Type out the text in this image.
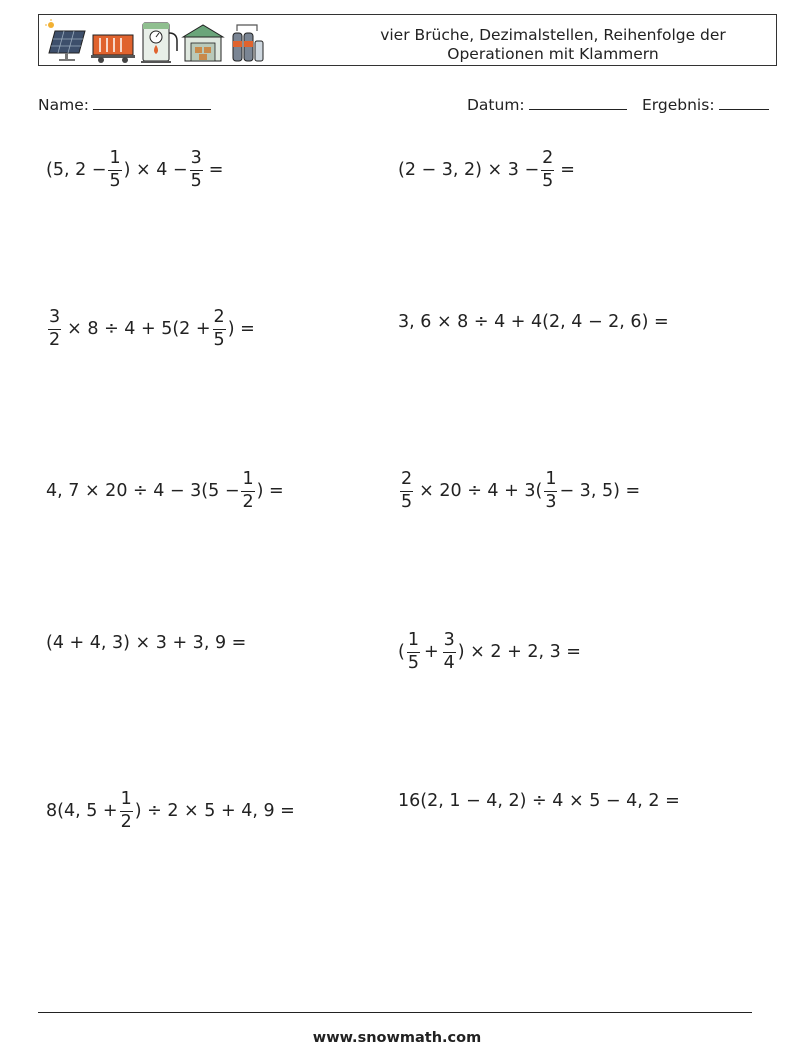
vier Brüche, Dezimalstellen, Reihenfolge der
Operationen mit Klammern
Name:	Datum:	Ergebnis:
(5, $2 - \frac{1}{5}$ ) × $4 - \frac{3}{5}$ =	(2 − 3, $2) \times 3 - \frac{2}{5}$ =
$\frac{3}{2} \times 8 \div 4 + 5(2 + \frac{2}{5}$ ) =	3, 6 × 8 ÷ 4 + 4(2, 4 − 2, 6) =
4, $7 \times 20 \div 4 - 3(5 - \frac{1}{2}$ ) =	$\frac{2}{5} \times 20 \div 4 + 3( \frac{1}{3} - 3$, 5) =
(4 + 4, 3) × 3 + 3, 9 =	( $\frac{1}{5} + \frac{3}{4}$ ) × 2 + 2, 3 =
8(4, $5 + \frac{1}{2}$ ) ÷ 2 × 5 + 4, 9 =	16(2, 1 − 4, 2) ÷ 4 × 5 − 4, 2 =
www.snowmath.com
